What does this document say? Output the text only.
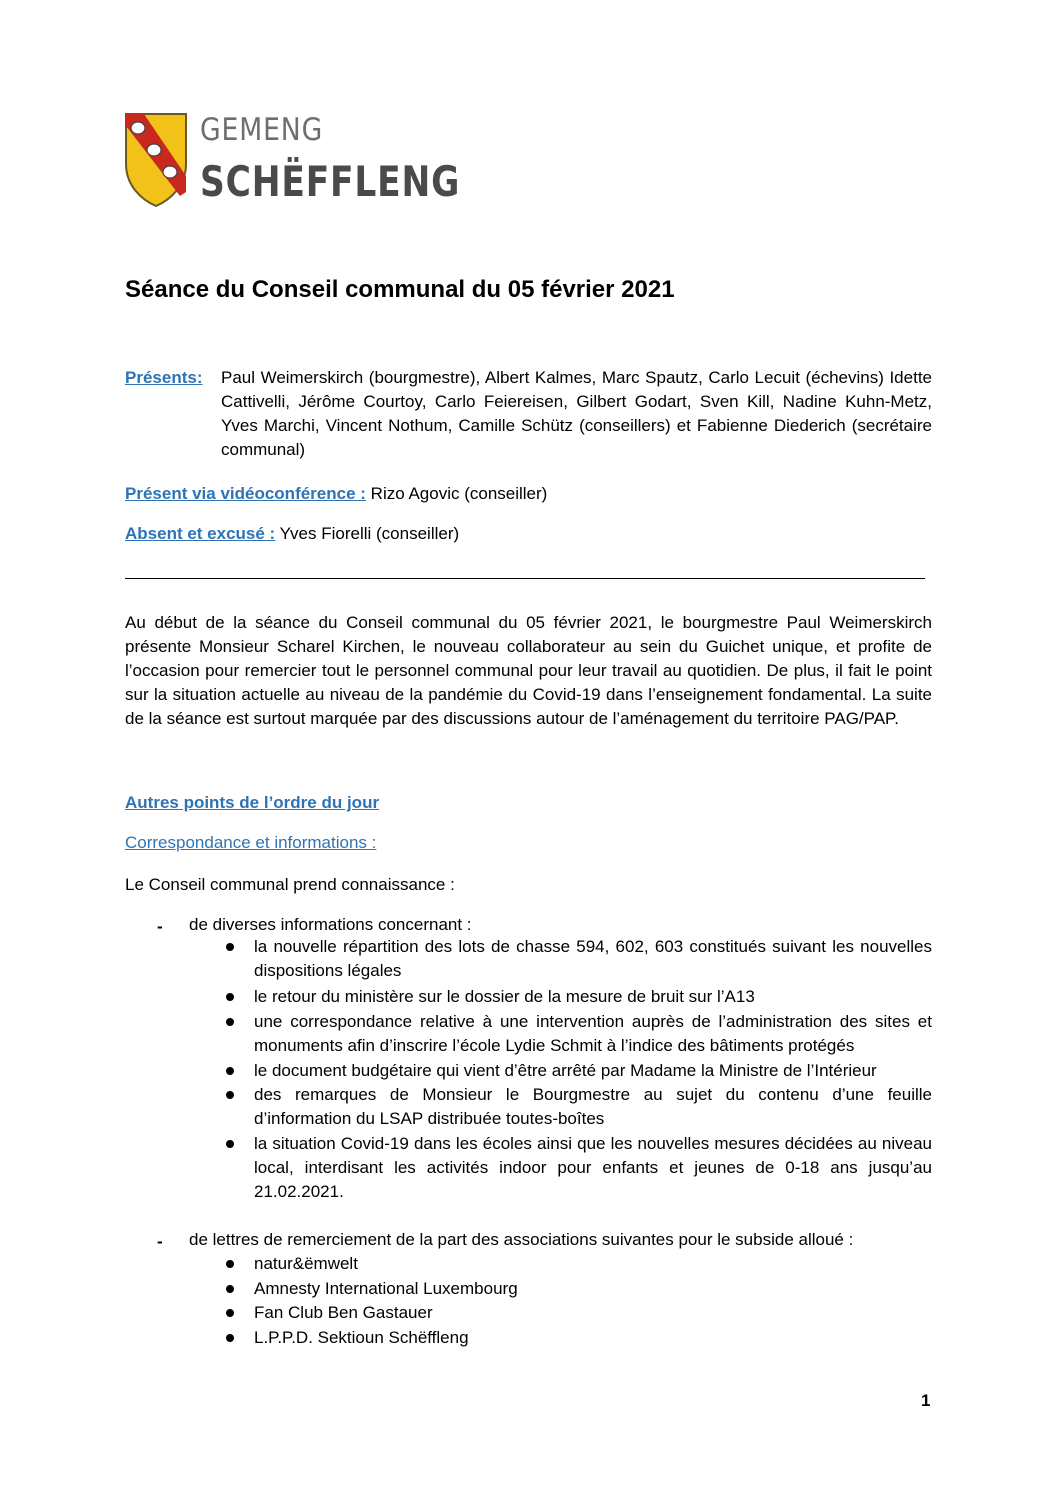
GEMENG
SCHËFFLENG
Séance du Conseil communal du 05 février 2021
Présents: Paul Weimerskirch (bourgmestre), Albert Kalmes, Marc Spautz, Carlo Lecuit (échevins) Idette Cattivelli, Jérôme Courtoy, Carlo Feiereisen, Gilbert Godart, Sven Kill, Nadine Kuhn-Metz, Yves Marchi, Vincent Nothum, Camille Schütz (conseillers) et Fabienne Diederich (secrétaire communal)
Présent via vidéoconférence : Rizo Agovic (conseiller)
Absent et excusé : Yves Fiorelli (conseiller)
Au début de la séance du Conseil communal du 05 février 2021, le bourgmestre Paul Weimerskirch présente Monsieur Scharel Kirchen, le nouveau collaborateur au sein du Guichet unique, et profite de l’occasion pour remercier tout le personnel communal pour leur travail au quotidien. De plus, il fait le point sur la situation actuelle au niveau de la pandémie du Covid-19 dans l’enseignement fondamental. La suite de la séance est surtout marquée par des discussions autour de l’aménagement du territoire PAG/PAP.
Autres points de l’ordre du jour
Correspondance et informations :
Le Conseil communal prend connaissance :
- de diverses informations concernant :
la nouvelle répartition des lots de chasse 594, 602, 603 constitués suivant les nouvelles dispositions légales
le retour du ministère sur le dossier de la mesure de bruit sur l’A13
une correspondance relative à une intervention auprès de l’administration des sites et monuments afin d’inscrire l’école Lydie Schmit à l’indice des bâtiments protégés
le document budgétaire qui vient d’être arrêté par Madame la Ministre de l’Intérieur
des remarques de Monsieur le Bourgmestre au sujet du contenu d’une feuille d’information du LSAP distribuée toutes-boîtes
la situation Covid-19 dans les écoles ainsi que les nouvelles mesures décidées au niveau local, interdisant les activités indoor pour enfants et jeunes de 0-18 ans jusqu’au 21.02.2021.
- de lettres de remerciement de la part des associations suivantes pour le subside alloué :
natur&ëmwelt
Amnesty International Luxembourg
Fan Club Ben Gastauer
L.P.P.D. Sektioun Schëffleng
1
